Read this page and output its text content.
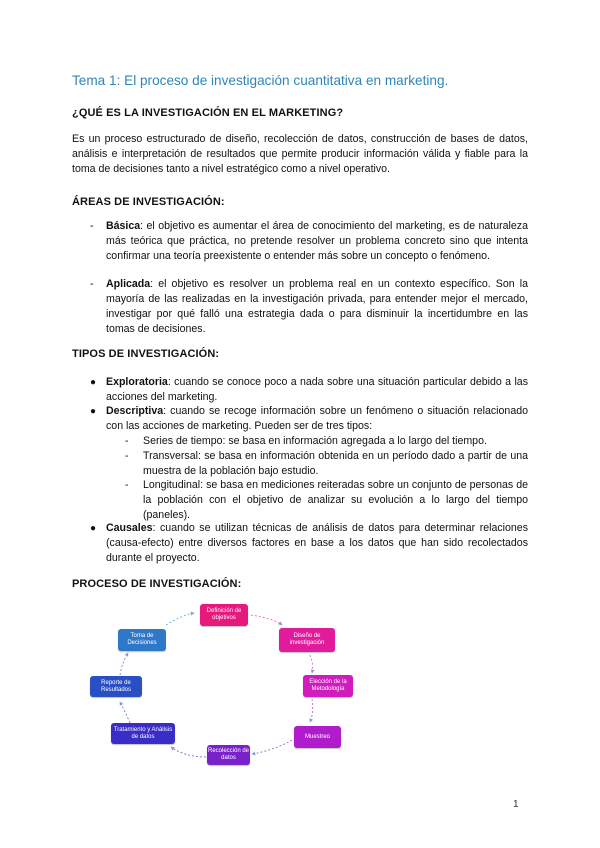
Tema 1: El proceso de investigación cuantitativa en marketing.
¿QUÉ ES LA INVESTIGACIÓN EN EL MARKETING?
Es un proceso estructurado de diseño, recolección de datos, construcción de bases de datos, análisis e interpretación de resultados que permite producir información válida y fiable para la toma de decisiones tanto a nivel estratégico como a nivel operativo.
ÁREAS DE INVESTIGACIÓN:
- Básica: el objetivo es aumentar el área de conocimiento del marketing, es de naturaleza más teórica que práctica, no pretende resolver un problema concreto sino que intenta confirmar una teoría preexistente o entender más sobre un concepto o fenómeno.
- Aplicada: el objetivo es resolver un problema real en un contexto específico. Son la mayoría de las realizadas en la investigación privada, para entender mejor el mercado, investigar por qué falló una estrategia dada o para disminuir la incertidumbre en las tomas de decisiones.
TIPOS DE INVESTIGACIÓN:
● Exploratoria: cuando se conoce poco a nada sobre una situación particular debido a las acciones del marketing.
● Descriptiva: cuando se recoge información sobre un fenómeno o situación relacionado con las acciones de marketing. Pueden ser de tres tipos:
- Series de tiempo: se basa en información agregada a lo largo del tiempo.
- Transversal: se basa en información obtenida en un período dado a partir de una muestra de la población bajo estudio.
- Longitudinal: se basa en mediciones reiteradas sobre un conjunto de personas de la población con el objetivo de analizar su evolución a lo largo del tiempo (paneles).
● Causales: cuando se utilizan técnicas de análisis de datos para determinar relaciones (causa-efecto) entre diversos factores en base a los datos que han sido recolectados durante el proyecto.
PROCESO DE INVESTIGACIÓN:
Definición de objetivos
Diseño de investigación
Elección de la Metodología
Muestreo
Recolección de datos
Tratamiento y Análisis de datos
Reporte de Resultados
Toma de Decisiones
1
